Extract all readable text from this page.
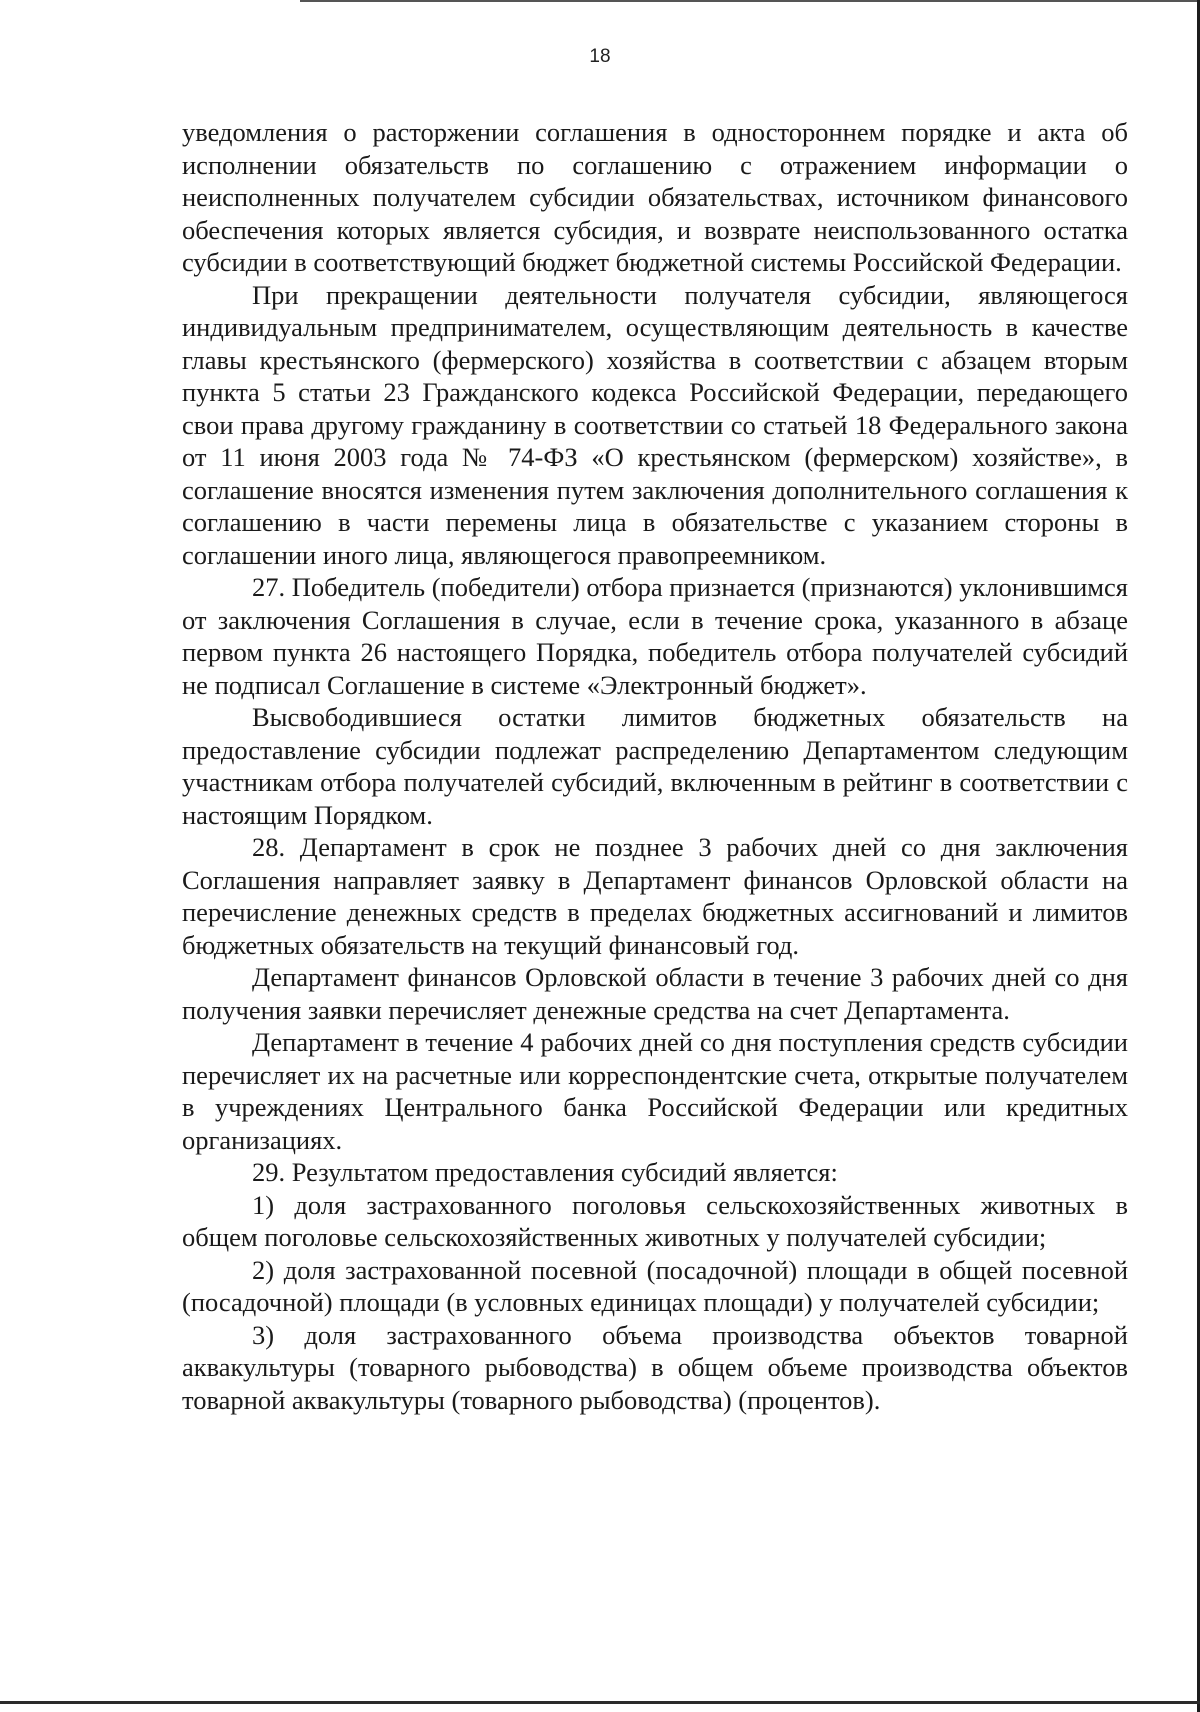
18

уведомления о расторжении соглашения в одностороннем порядке и акта об исполнении обязательств по соглашению с отражением информации о неисполненных получателем субсидии обязательствах, источником финансового обеспечения которых является субсидия, и возврате неиспользованного остатка субсидии в соответствующий бюджет бюджетной системы Российской Федерации.

При прекращении деятельности получателя субсидии, являющегося индивидуальным предпринимателем, осуществляющим деятельность в качестве главы крестьянского (фермерского) хозяйства в соответствии с абзацем вторым пункта 5 статьи 23 Гражданского кодекса Российской Федерации, передающего свои права другому гражданину в соответствии со статьей 18 Федерального закона от 11 июня 2003 года № 74-ФЗ «О крестьянском (фермерском) хозяйстве», в соглашение вносятся изменения путем заключения дополнительного соглашения к соглашению в части перемены лица в обязательстве с указанием стороны в соглашении иного лица, являющегося правопреемником.

27. Победитель (победители) отбора признается (признаются) уклонившимся от заключения Соглашения в случае, если в течение срока, указанного в абзаце первом пункта 26 настоящего Порядка, победитель отбора получателей субсидий не подписал Соглашение в системе «Электронный бюджет».

Высвободившиеся остатки лимитов бюджетных обязательств на предоставление субсидии подлежат распределению Департаментом следующим участникам отбора получателей субсидий, включенным в рейтинг в соответствии с настоящим Порядком.

28. Департамент в срок не позднее 3 рабочих дней со дня заключения Соглашения направляет заявку в Департамент финансов Орловской области на перечисление денежных средств в пределах бюджетных ассигнований и лимитов бюджетных обязательств на текущий финансовый год.

Департамент финансов Орловской области в течение 3 рабочих дней со дня получения заявки перечисляет денежные средства на счет Департамента.

Департамент в течение 4 рабочих дней со дня поступления средств субсидии перечисляет их на расчетные или корреспондентские счета, открытые получателем в учреждениях Центрального банка Российской Федерации или кредитных организациях.

29. Результатом предоставления субсидий является:

1) доля застрахованного поголовья сельскохозяйственных животных в общем поголовье сельскохозяйственных животных у получателей субсидии;

2) доля застрахованной посевной (посадочной) площади в общей посевной (посадочной) площади (в условных единицах площади) у получателей субсидии;

3) доля застрахованного объема производства объектов товарной аквакультуры (товарного рыбоводства) в общем объеме производства объектов товарной аквакультуры (товарного рыбоводства) (процентов).
